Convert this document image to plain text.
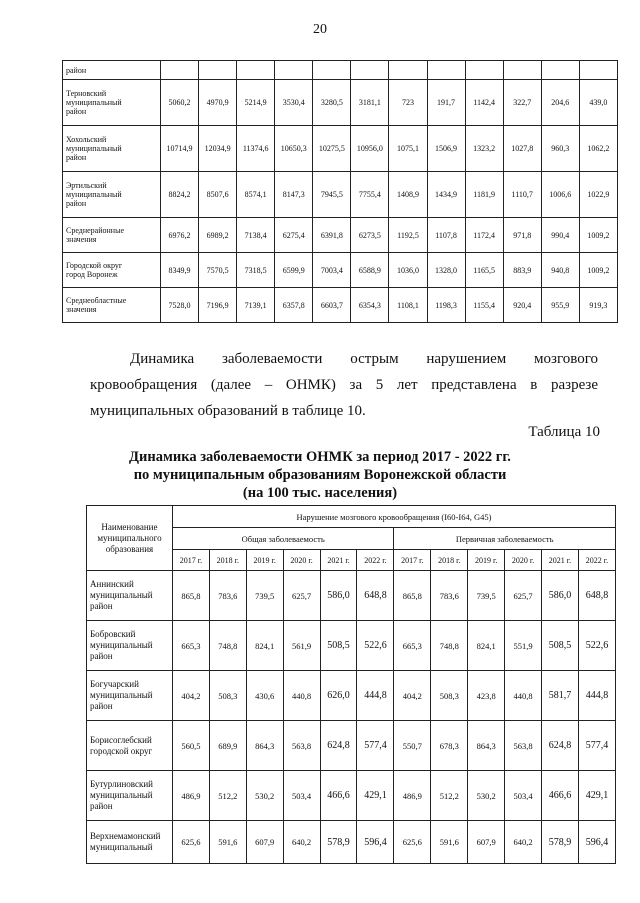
20
район												

Терновский
муниципальный
район	5060,2	4970,9	5214,9	3530,4	3280,5	3181,1	723	191,7	1142,4	322,7	204,6	439,0

Хохольский
муниципальный
район	10714,9	12034,9	11374,6	10650,3	10275,5	10956,0	1075,1	1506,9	1323,2	1027,8	960,3	1062,2

Эртильский
муниципальный
район	8824,2	8507,6	8574,1	8147,3	7945,5	7755,4	1408,9	1434,9	1181,9	1110,7	1006,6	1022,9

Среднерайонные
значения	6976,2	6989,2	7138,4	6275,4	6391,8	6273,5	1192,5	1107,8	1172,4	971,8	990,4	1009,2

Городской округ
город Воронеж	8349,9	7570,5	7318,5	6599,9	7003,4	6588,9	1036,0	1328,0	1165,5	883,9	940,8	1009,2

Среднеобластные
значения	7528,0	7196,9	7139,1	6357,8	6603,7	6354,3	1108,1	1198,3	1155,4	920,4	955,9	919,3
Динамика заболеваемости острым нарушением мозгового
кровообращения (далее – ОНМК) за 5 лет представлена в разрезе
муниципальных образований в таблице 10.
Таблица 10
Динамика заболеваемости ОНМК за период 2017 - 2022 гг.
по муниципальным образованиям Воронежской области
(на 100 тыс. населения)
Наименование
муниципального
образования	Нарушение мозгового кровообращения (I60-I64, G45)											
	Общая заболеваемость						Первичная заболеваемость					
	2017 г.	2018 г.	2019 г.	2020 г.	2021 г.	2022 г.	2017 г.	2018 г.	2019 г.	2020 г.	2021 г.	2022 г.

Аннинский
муниципальный
район	865,8	783,6	739,5	625,7	586,0	648,8	865,8	783,6	739,5	625,7	586,0	648,8

Бобровский
муниципальный
район	665,3	748,8	824,1	561,9	508,5	522,6	665,3	748,8	824,1	551,9	508,5	522,6

Богучарский
муниципальный
район	404,2	508,3	430,6	440,8	626,0	444,8	404,2	508,3	423,8	440,8	581,7	444,8

Борисоглебский
городской округ	560,5	689,9	864,3	563,8	624,8	577,4	550,7	678,3	864,3	563,8	624,8	577,4

Бутурлиновский
муниципальный
район	486,9	512,2	530,2	503,4	466,6	429,1	486,9	512,2	530,2	503,4	466,6	429,1

Верхнемамонский
муниципальный	625,6	591,6	607,9	640,2	578,9	596,4	625,6	591,6	607,9	640,2	578,9	596,4
